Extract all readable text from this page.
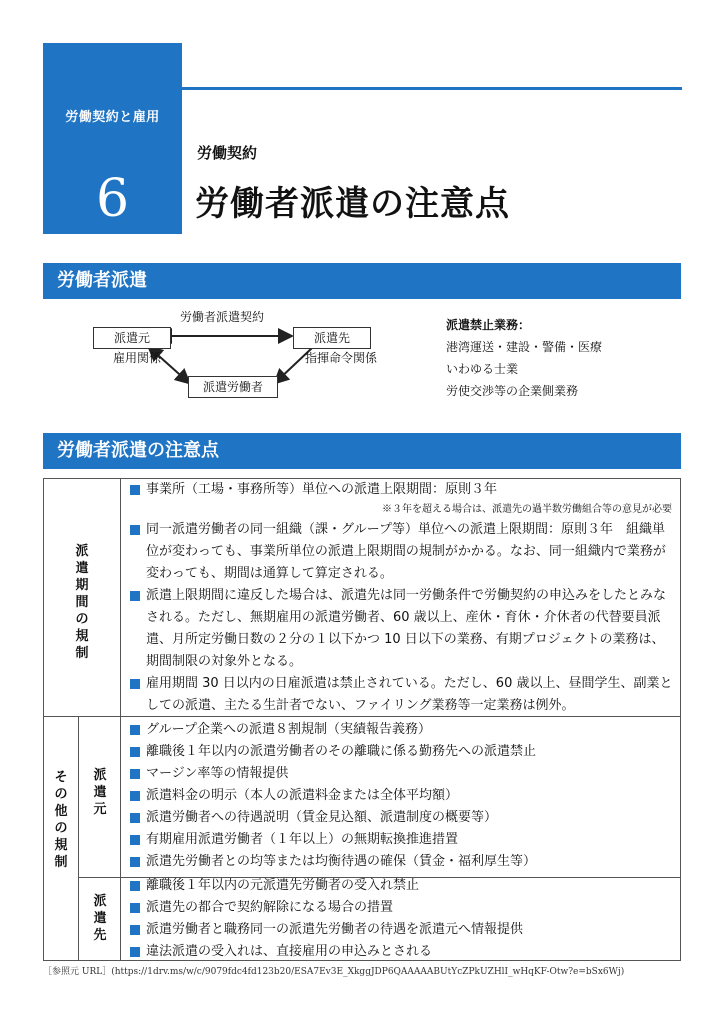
労働契約と雇用
6
労働契約
労働者派遣の注意点
労働者派遣
労働者派遣契約
派遣元	派遣先
雇用関係	指揮命令関係
派遣労働者
派遣禁止業務：
港湾運送・建設・警備・医療
いわゆる士業
労使交渉等の企業側業務
労働者派遣の注意点
派
遣
期
間
の
規
制
事業所（工場・事務所等）単位への派遣上限期間：原則３年
※３年を超える場合は、派遣先の過半数労働組合等の意見が必要
同一派遣労働者の同一組織（課・グループ等）単位への派遣上限期間：原則３年　組織単位が変わっても、事業所単位の派遣上限期間の規制がかかる。なお、同一組織内で業務が変わっても、期間は通算して算定される。
派遣上限期間に違反した場合は、派遣先は同一労働条件で労働契約の申込みをしたとみなされる。ただし、無期雇用の派遣労働者、60 歳以上、産休・育休・介休者の代替要員派遣、月所定労働日数の２分の１以下かつ 10 日以下の業務、有期プロジェクトの業務は、期間制限の対象外となる。
雇用期間 30 日以内の日雇派遣は禁止されている。ただし、60 歳以上、昼間学生、副業としての派遣、主たる生計者でない、ファイリング業務等一定業務は例外。
そ
の
他
の
規
制
派
遣
元
派
遣
先
グループ企業への派遣８割規制（実績報告義務）
離職後１年以内の派遣労働者のその離職に係る勤務先への派遣禁止
マージン率等の情報提供
派遣料金の明示（本人の派遣料金または全体平均額）
派遣労働者への待遇説明（賃金見込額、派遣制度の概要等）
有期雇用派遣労働者（１年以上）の無期転換推進措置
派遣先労働者との均等または均衡待遇の確保（賃金・福利厚生等）
離職後１年以内の元派遣先労働者の受入れ禁止
派遣先の都合で契約解除になる場合の措置
派遣労働者と職務同一の派遣先労働者の待遇を派遣元へ情報提供
違法派遣の受入れは、直接雇用の申込みとされる
［参照元 URL］(https://1drv.ms/w/c/9079fdc4fd123b20/ESA7Ev3E_XkggJDP6QAAAAABUtYcZPkUZHlI_wHqKF-Otw?e=bSx6Wj)
